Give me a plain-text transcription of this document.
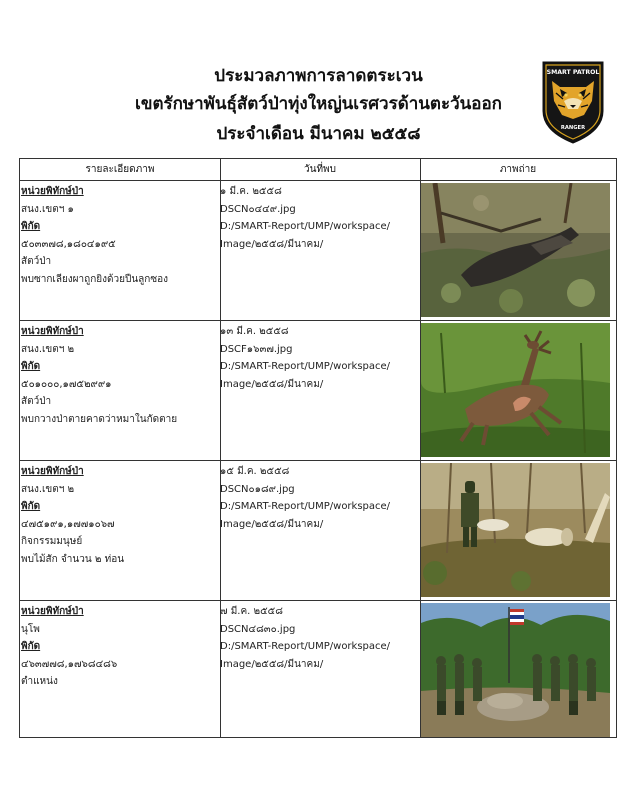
ประมวลภาพการลาดตระเวน
เขตรักษาพันธุ์สัตว์ป่าทุ่งใหญ่นเรศวรด้านตะวันออก
ประจำเดือน มีนาคม ๒๕๕๘
SMART PATROL
RANGER
รายละเอียดภาพ	วันที่พบ	ภาพถ่าย
หน่วยพิทักษ์ป่า
สนง.เขตฯ ๑
พิกัด
๕๐๓๓๗๘,๑๘๐๔๑๙๕
สัตว์ป่า
พบซากเลียงผาถูกยิงด้วยปืนลูกซอง
๑ มี.ค. ๒๕๕๘
DSCN๐๔๔๙.jpg
D:/SMART-Report/UMP/workspace/
Image/๒๕๕๘/มีนาคม/
หน่วยพิทักษ์ป่า
สนง.เขตฯ ๒
พิกัด
๕๐๑๐๐๐,๑๗๕๒๙๙๑
สัตว์ป่า
พบกวางป่าตายคาดว่าหมาในกัดตาย
๑๓ มี.ค. ๒๕๕๘
DSCF๑๖๓๗.jpg
D:/SMART-Report/UMP/workspace/
Image/๒๕๕๘/มีนาคม/
หน่วยพิทักษ์ป่า
สนง.เขตฯ ๒
พิกัด
๔๗๕๑๙๑,๑๗๗๑๐๖๗
กิจกรรมมนุษย์
พบไม้สัก จำนวน ๒ ท่อน
๑๕ มี.ค. ๒๕๕๘
DSCN๐๑๘๙.jpg
D:/SMART-Report/UMP/workspace/
Image/๒๕๕๘/มีนาคม/
หน่วยพิทักษ์ป่า
นุโพ
พิกัด
๔๖๓๗๗๘,๑๗๖๘๔๘๖
ตำแหน่ง
๗ มี.ค. ๒๕๕๘
DSCN๔๘๓๐.jpg
D:/SMART-Report/UMP/workspace/
Image/๒๕๕๘/มีนาคม/
